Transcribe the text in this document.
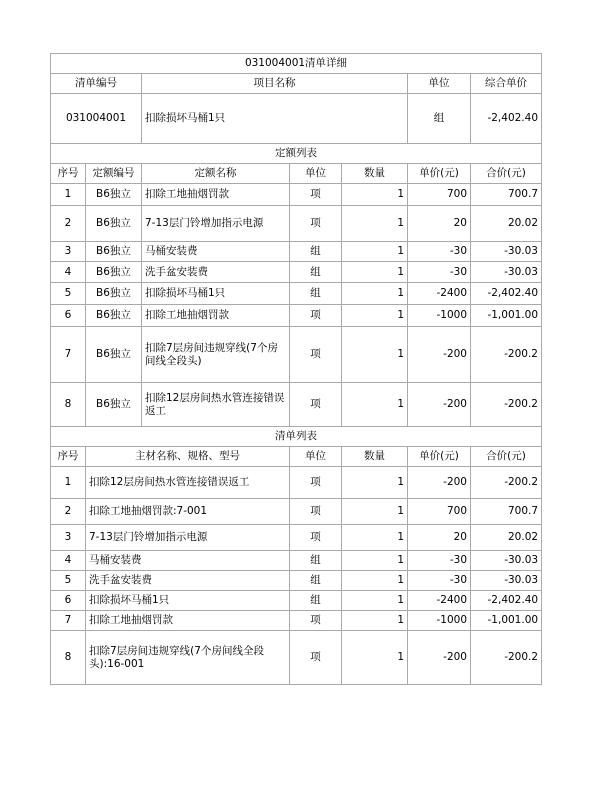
031004001清单详细			
清单编号	项目名称	单位	综合单价
031004001	扣除损坏马桶1只	组	-2,402.40
定额列表						
序号	定额编号	定额名称	单位	数量	单价(元)	合价(元)
1	B6独立	扣除工地抽烟罚款	项	1	700	700.7
2	B6独立	7-13层门铃增加指示电源	项	1	20	20.02
3	B6独立	马桶安装费	组	1	-30	-30.03
4	B6独立	洗手盆安装费	组	1	-30	-30.03
5	B6独立	扣除损坏马桶1只	组	1	-2400	-2,402.40
6	B6独立	扣除工地抽烟罚款	项	1	-1000	-1,001.00
7	B6独立	扣除7层房间违规穿线(7个房间线全段头)	项	1	-200	-200.2
8	B6独立	扣除12层房间热水管连接错误返工	项	1	-200	-200.2
清单列表					
序号	主材名称、规格、型号	单位	数量	单价(元)	合价(元)
1	扣除12层房间热水管连接错误返工	项	1	-200	-200.2
2	扣除工地抽烟罚款:7-001	项	1	700	700.7
3	7-13层门铃增加指示电源	项	1	20	20.02
4	马桶安装费	组	1	-30	-30.03
5	洗手盆安装费	组	1	-30	-30.03
6	扣除损坏马桶1只	组	1	-2400	-2,402.40
7	扣除工地抽烟罚款	项	1	-1000	-1,001.00
8	扣除7层房间违规穿线(7个房间线全段头):16-001	项	1	-200	-200.2
